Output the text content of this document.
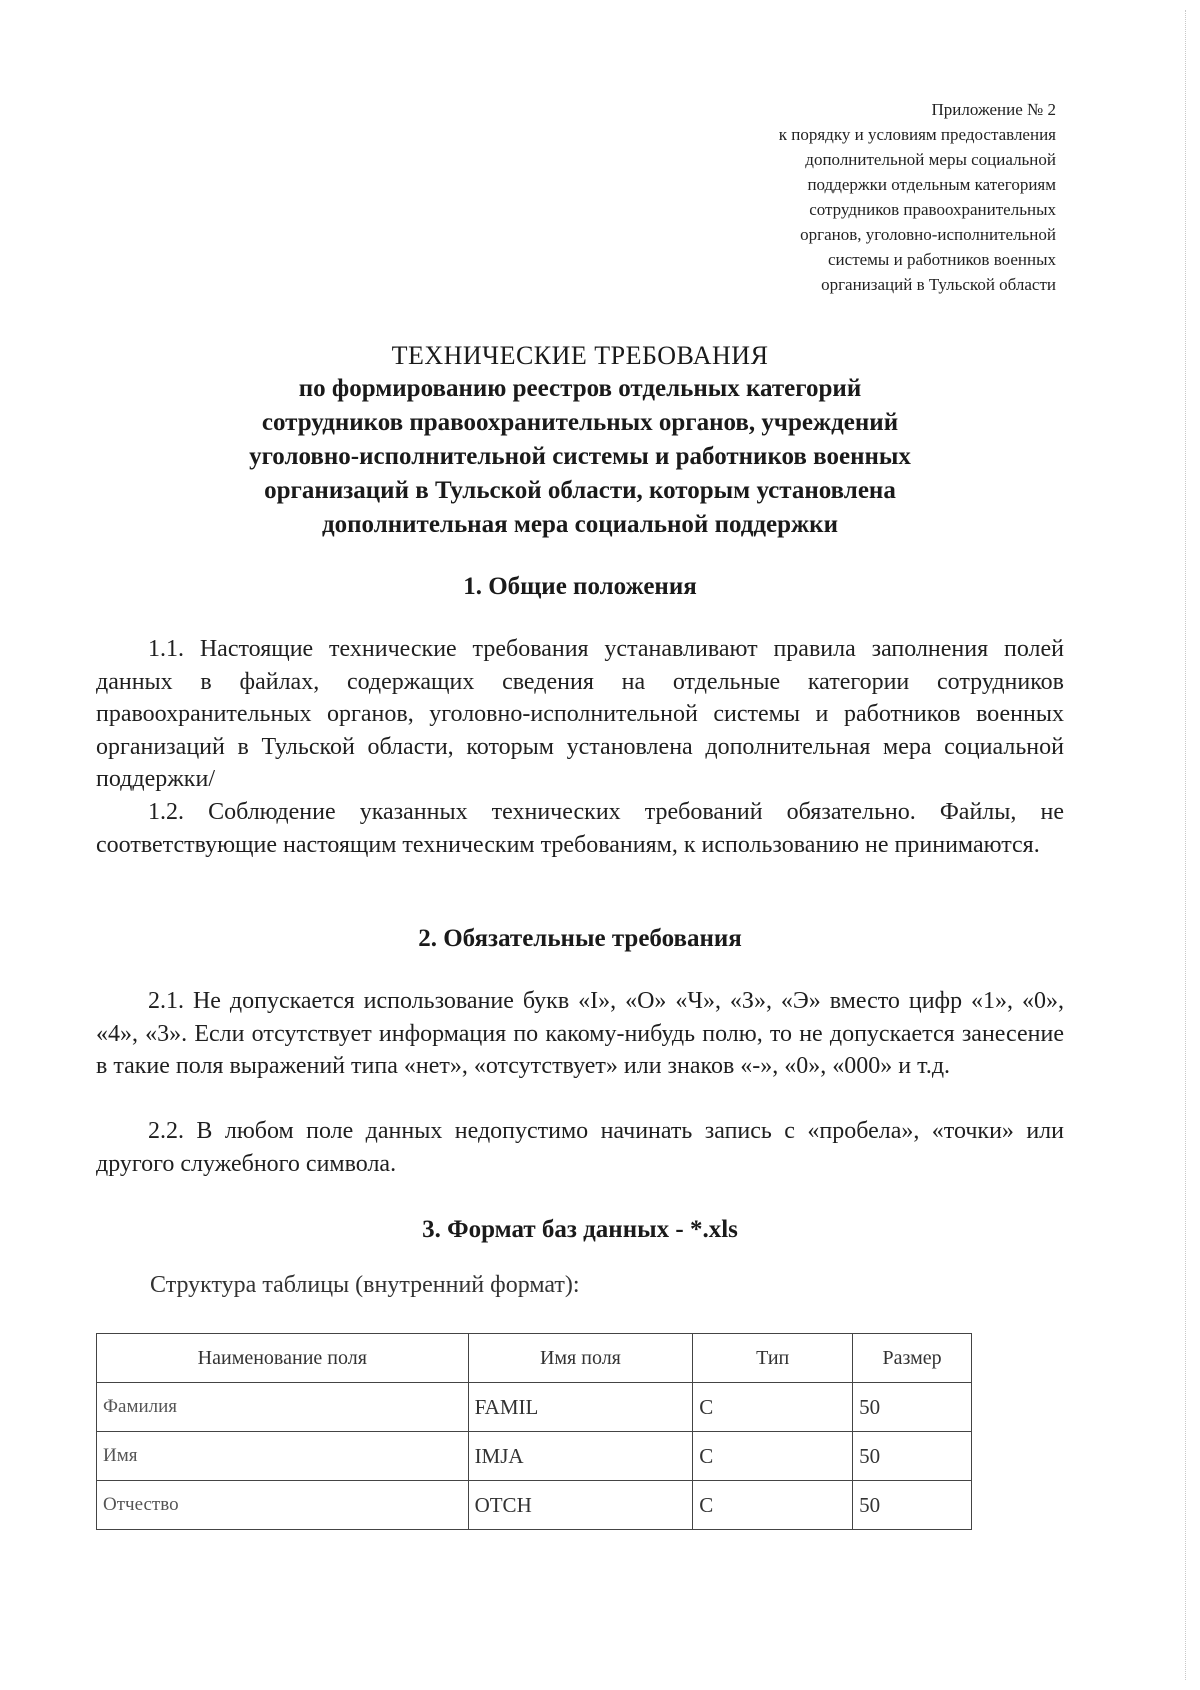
Приложение № 2
к порядку и условиям предоставления
дополнительной меры социальной
поддержки отдельным категориям
сотрудников правоохранительных
органов, уголовно-исполнительной
системы и работников военных
организаций в Тульской области
ТЕХНИЧЕСКИЕ ТРЕБОВАНИЯ
по формированию реестров отдельных категорий
сотрудников правоохранительных органов, учреждений
уголовно-исполнительной системы и работников военных
организаций в Тульской области, которым установлена
дополнительная мера социальной поддержки
1. Общие положения
1.1. Настоящие технические требования устанавливают правила заполнения полей данных в файлах, содержащих сведения на отдельные категории сотрудников правоохранительных органов, уголовно-исполнительной системы и работников военных организаций в Тульской области, которым установлена дополнительная мера социальной поддержки/
1.2. Соблюдение указанных технических требований обязательно. Файлы, не соответствующие настоящим техническим требованиям, к использованию не принимаются.
2. Обязательные требования
2.1. Не допускается использование букв «I», «О» «Ч», «З», «Э» вместо цифр «1», «0», «4», «3». Если отсутствует информация по какому-нибудь полю, то не допускается занесение в такие поля выражений типа «нет», «отсутствует» или знаков «-», «0», «000» и т.д.
2.2. В любом поле данных недопустимо начинать запись с «пробела», «точки» или другого служебного символа.
3. Формат баз данных - *.xls
Структура таблицы (внутренний формат):
Наименование поля	Имя поля	Тип	Размер
Фамилия	FAMIL	C	50
Имя	IMJA	C	50
Отчество	OTCH	C	50
